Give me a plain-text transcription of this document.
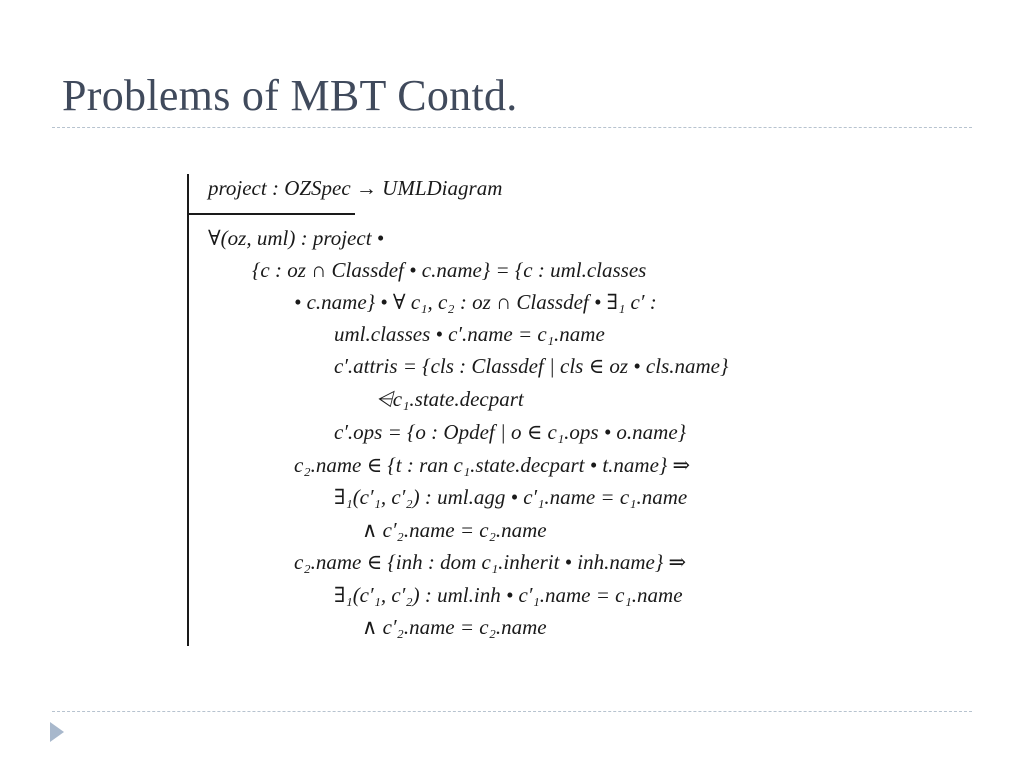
Problems of MBT Contd.
project : OZSpec → UMLDiagram
∀(oz, uml) : project •
{c : oz ∩ Classdef • c.name} = {c : uml.classes
• c.name} • ∀ c₁, c₂ : oz ∩ Classdef • ∃₁ c′ :
uml.classes • c′.name = c₁.name
c′.attris = {cls : Classdef | cls ∈ oz • cls.name}
⩤c₁.state.decpart
c′.ops = {o : Opdef | o ∈ c₁.ops • o.name}
c₂.name ∈ {t : ran c₁.state.decpart • t.name} ⇒
∃₁(c′₁, c′₂) : uml.agg • c′₁.name = c₁.name
∧ c′₂.name = c₂.name
c₂.name ∈ {inh : dom c₁.inherit • inh.name} ⇒
∃₁(c′₁, c′₂) : uml.inh • c′₁.name = c₁.name
∧ c′₂.name = c₂.name
